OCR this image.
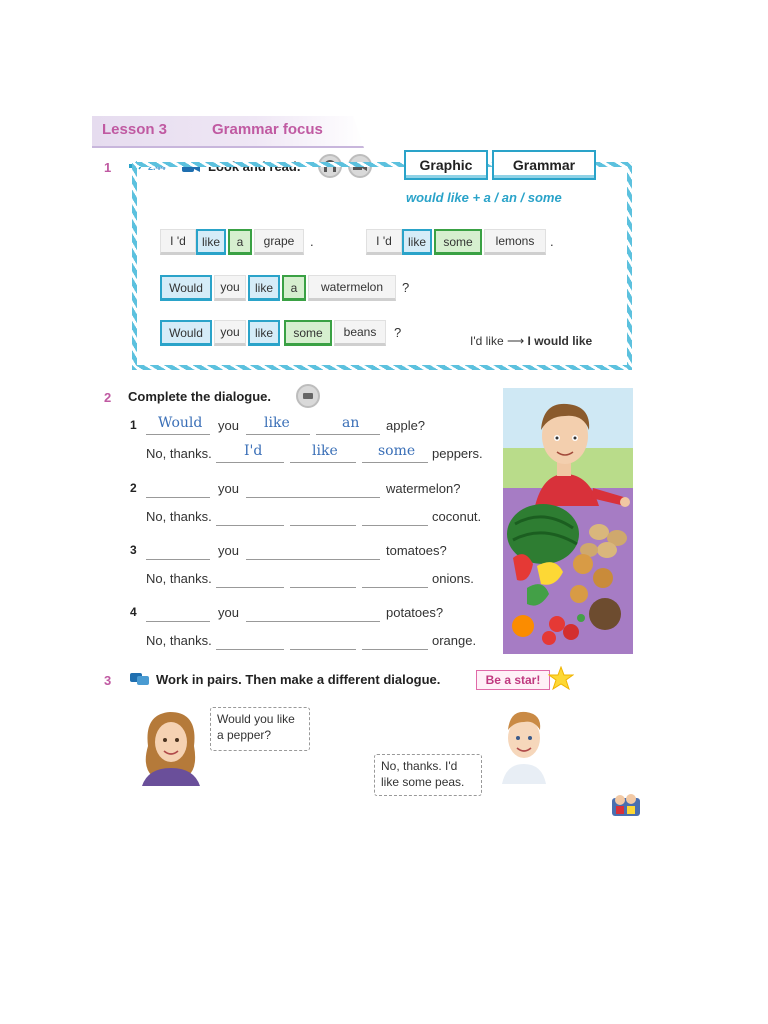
Lesson 3	Grammar focus
1	2.44	Look and read.	Graphic	Grammar
would like + a / an / some
I 'd	like	a	grape	.	I 'd	like	some	lemons	.
Would	you	like	a	watermelon	?
Would	you	like	some	beans	?
I'd like ⟶ I would like
2 Complete the dialogue.
1 Would you like	an apple?
No, thanks. I'd	like	some peppers.
2	you	watermelon?
No, thanks.	coconut.
3	you	tomatoes?
No, thanks.	onions.
4	you	potatoes?
No, thanks.	orange.
3	Work in pairs. Then make a different dialogue.	Be a star!
Would you like
a pepper?
No, thanks. I'd
like some peas.
